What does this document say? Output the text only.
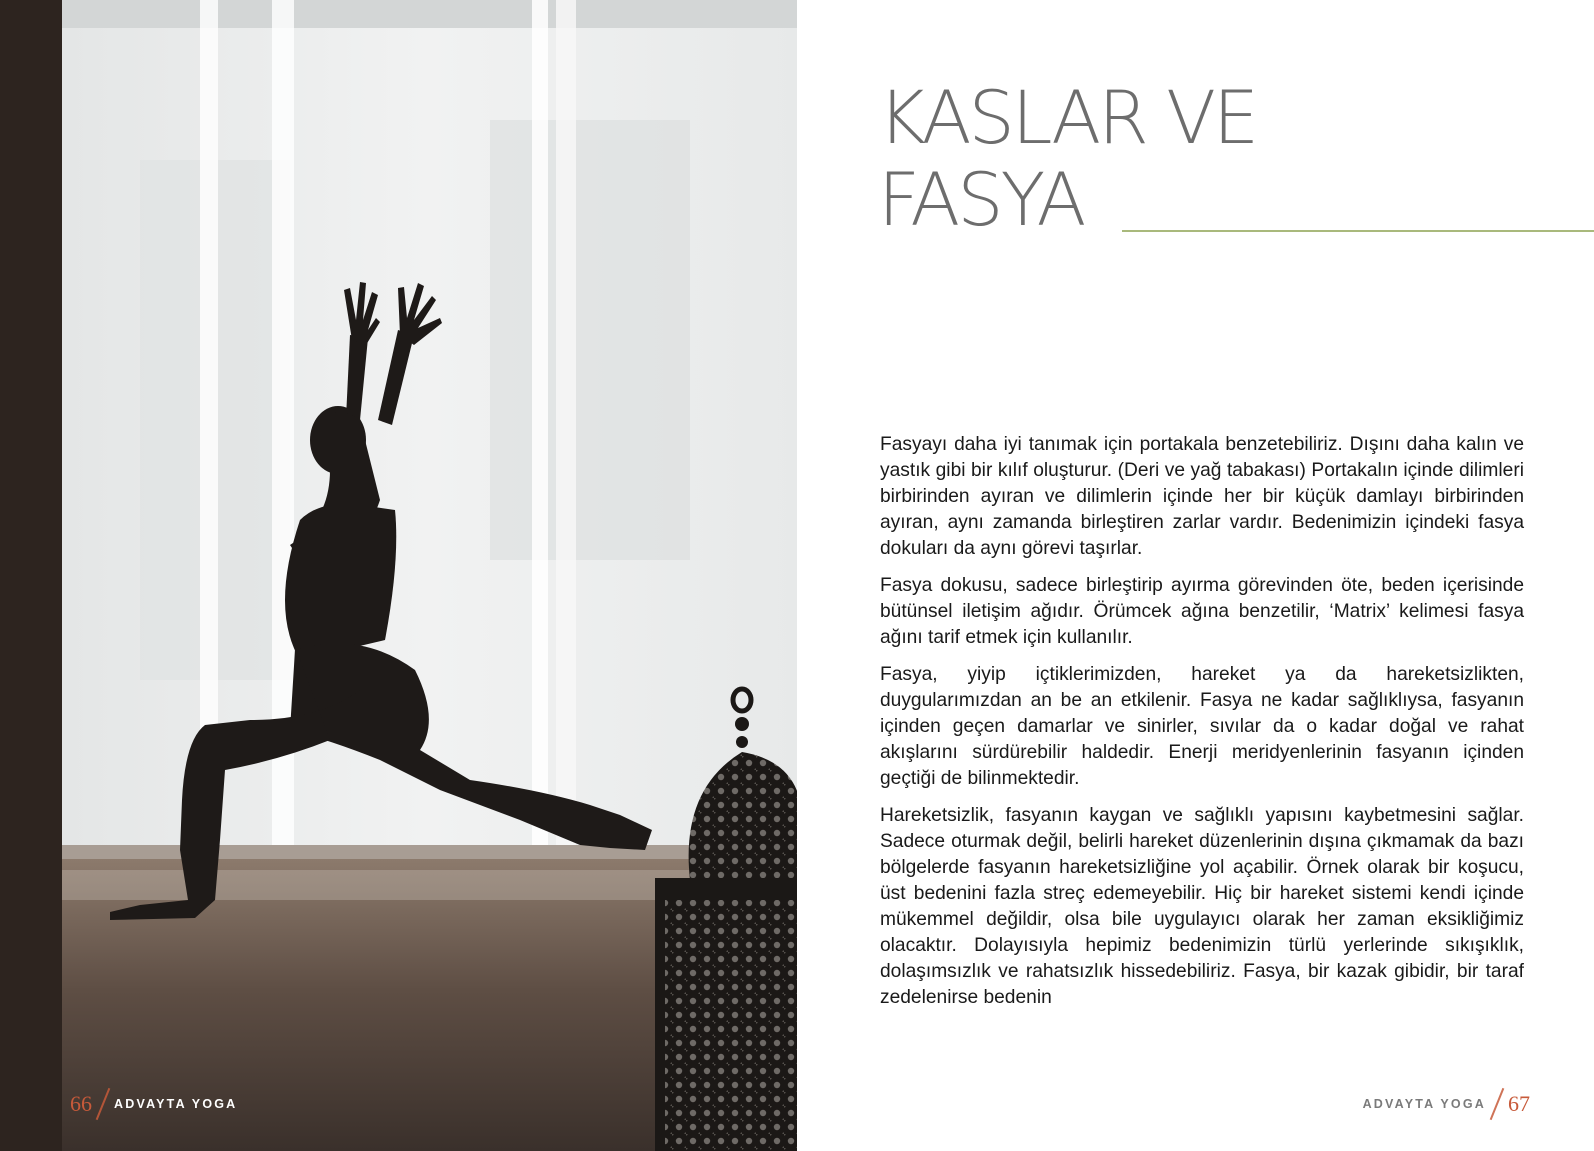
66 ADVAYTA YOGA
KASLAR VE
FASYA

Fasyayı daha iyi tanımak için portakala benzetebiliriz. Dışını daha kalın ve yastık gibi bir kılıf oluşturur. (Deri ve yağ tabakası) Portakalın içinde dilimleri birbirinden ayıran ve dilimlerin içinde her bir küçük damlayı birbirinden ayıran, aynı zamanda birleştiren zarlar vardır. Bedenimizin içindeki fasya dokuları da aynı görevi taşırlar.

Fasya dokusu, sadece birleştirip ayırma görevinden öte, beden içerisinde bütünsel iletişim ağıdır. Örümcek ağına benzetilir, ‘Matrix’ kelimesi fasya ağını tarif etmek için kullanılır.

Fasya, yiyip içtiklerimizden, hareket ya da hareketsizlikten, duygularımızdan an be an etkilenir. Fasya ne kadar sağlıklıysa, fasyanın içinden geçen damarlar ve sinirler, sıvılar da o kadar doğal ve rahat akışlarını sürdürebilir haldedir. Enerji meridyenlerinin fasyanın içinden geçtiği de bilinmektedir.

Hareketsizlik, fasyanın kaygan ve sağlıklı yapısını kaybetmesini sağlar. Sadece oturmak değil, belirli hareket düzenlerinin dışına çıkmamak da bazı bölgelerde fasyanın hareketsizliğine yol açabilir. Örnek olarak bir koşucu, üst bedenini fazla streç edemeyebilir. Hiç bir hareket sistemi kendi içinde mükemmel değildir, olsa bile uygulayıcı olarak her zaman eksikliğimiz olacaktır. Dolayısıyla hepimiz bedenimizin türlü yerlerinde sıkışıklık, dolaşımsızlık ve rahatsızlık hissedebiliriz. Fasya, bir kazak gibidir, bir taraf zedelenirse bedenin

ADVAYTA YOGA 67
